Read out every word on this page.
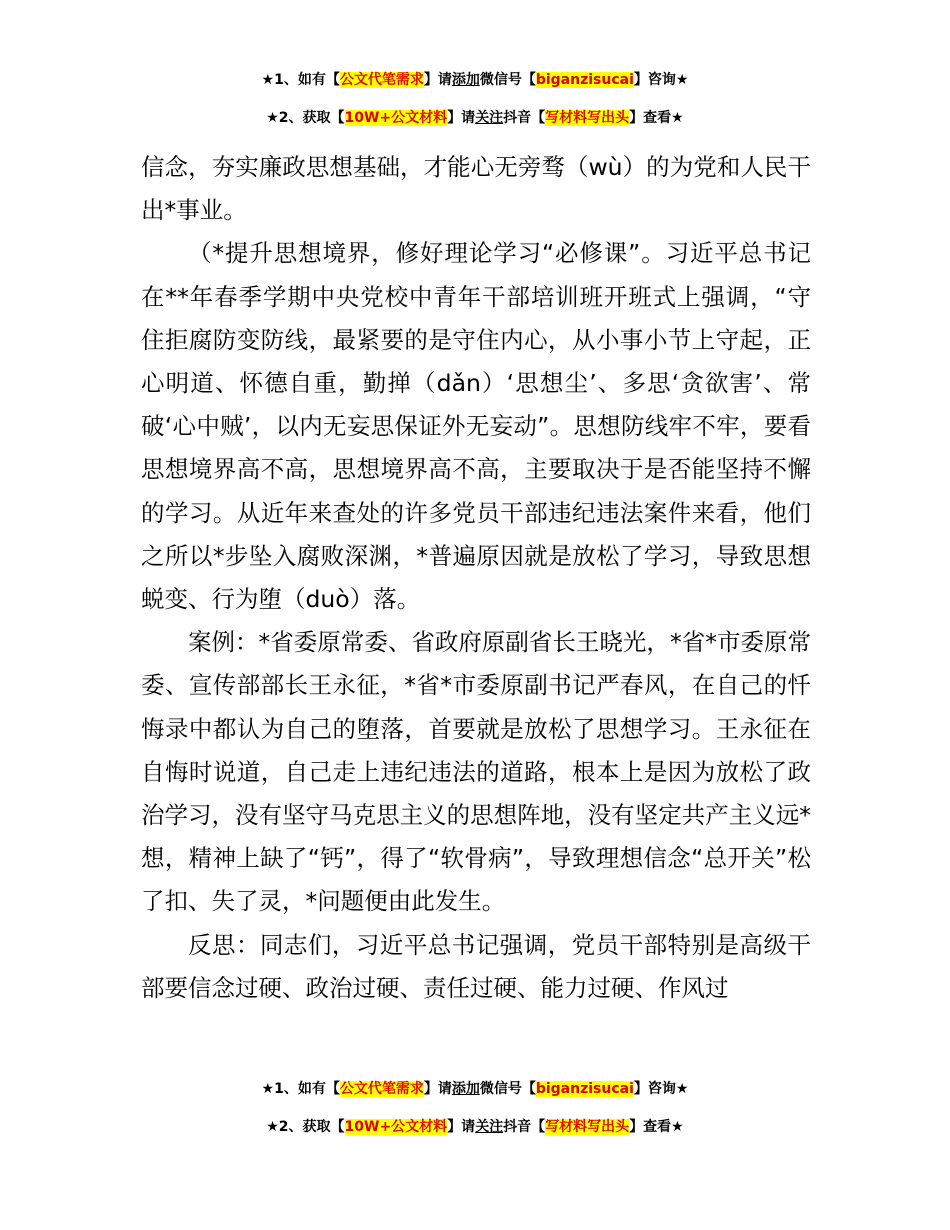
★1、如有【公文代笔需求】请添加微信号【biganzisucai】咨询★
★2、获取【10W+公文材料】请关注抖音【写材料写出头】查看★

信念，夯实廉政思想基础，才能心无旁骛（wù）的为党和人民干出*事业。

（*提升思想境界，修好理论学习“必修课”。习近平总书记在**年春季学期中央党校中青年干部培训班开班式上强调，“守住拒腐防变防线，最紧要的是守住内心，从小事小节上守起，正心明道、怀德自重，勤掸（dǎn）‘思想尘’、多思‘贪欲害’、常破‘心中贼’，以内无妄思保证外无妄动”。思想防线牢不牢，要看思想境界高不高，思想境界高不高，主要取决于是否能坚持不懈的学习。从近年来查处的许多党员干部违纪违法案件来看，他们之所以*步坠入腐败深渊，*普遍原因就是放松了学习，导致思想蜕变、行为堕（duò）落。

案例：*省委原常委、省政府原副省长王晓光，*省*市委原常委、宣传部部长王永征，*省*市委原副书记严春风，在自己的忏悔录中都认为自己的堕落，首要就是放松了思想学习。王永征在自悔时说道，自己走上违纪违法的道路，根本上是因为放松了政治学习，没有坚守马克思主义的思想阵地，没有坚定共产主义远*想，精神上缺了“钙”，得了“软骨病”，导致理想信念“总开关”松了扣、失了灵，*问题便由此发生。

反思：同志们，习近平总书记强调，党员干部特别是高级干部要信念过硬、政治过硬、责任过硬、能力过硬、作风过

★1、如有【公文代笔需求】请添加微信号【biganzisucai】咨询★
★2、获取【10W+公文材料】请关注抖音【写材料写出头】查看★
